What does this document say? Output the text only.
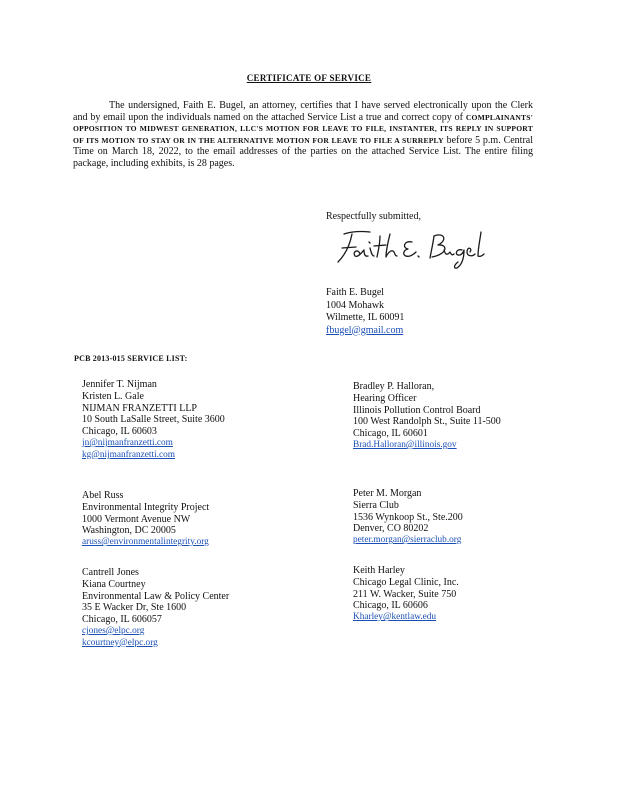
CERTIFICATE OF SERVICE
The undersigned, Faith E. Bugel, an attorney, certifies that I have served electronically upon the Clerk and by email upon the individuals named on the attached Service List a true and correct copy of COMPLAINANTS' OPPOSITION TO MIDWEST GENERATION, LLC'S MOTION FOR LEAVE TO FILE, INSTANTER, ITS REPLY IN SUPPORT OF ITS MOTION TO STAY OR IN THE ALTERNATIVE MOTION FOR LEAVE TO FILE A SURREPLY before 5 p.m. Central Time on March 18, 2022, to the email addresses of the parties on the attached Service List. The entire filing package, including exhibits, is 28 pages.
Respectfully submitted,
Faith E. Bugel
1004 Mohawk
Wilmette, IL 60091
fbugel@gmail.com
PCB 2013-015 SERVICE LIST:
Jennifer T. Nijman
Kristen L. Gale
NIJMAN FRANZETTI LLP
10 South LaSalle Street, Suite 3600
Chicago, IL 60603
jn@nijmanfranzetti.com
kg@nijmanfranzetti.com
Abel Russ
Environmental Integrity Project
1000 Vermont Avenue NW
Washington, DC 20005
aruss@environmentalintegrity.org
Cantrell Jones
Kiana Courtney
Environmental Law & Policy Center
35 E Wacker Dr, Ste 1600
Chicago, IL 606057
cjones@elpc.org
kcourtney@elpc.org
Bradley P. Halloran,
Hearing Officer
Illinois Pollution Control Board
100 West Randolph St., Suite 11-500
Chicago, IL 60601
Brad.Halloran@illinois.gov
Peter M. Morgan
Sierra Club
1536 Wynkoop St., Ste.200
Denver, CO 80202
peter.morgan@sierraclub.org
Keith Harley
Chicago Legal Clinic, Inc.
211 W. Wacker, Suite 750
Chicago, IL 60606
Kharley@kentlaw.edu
